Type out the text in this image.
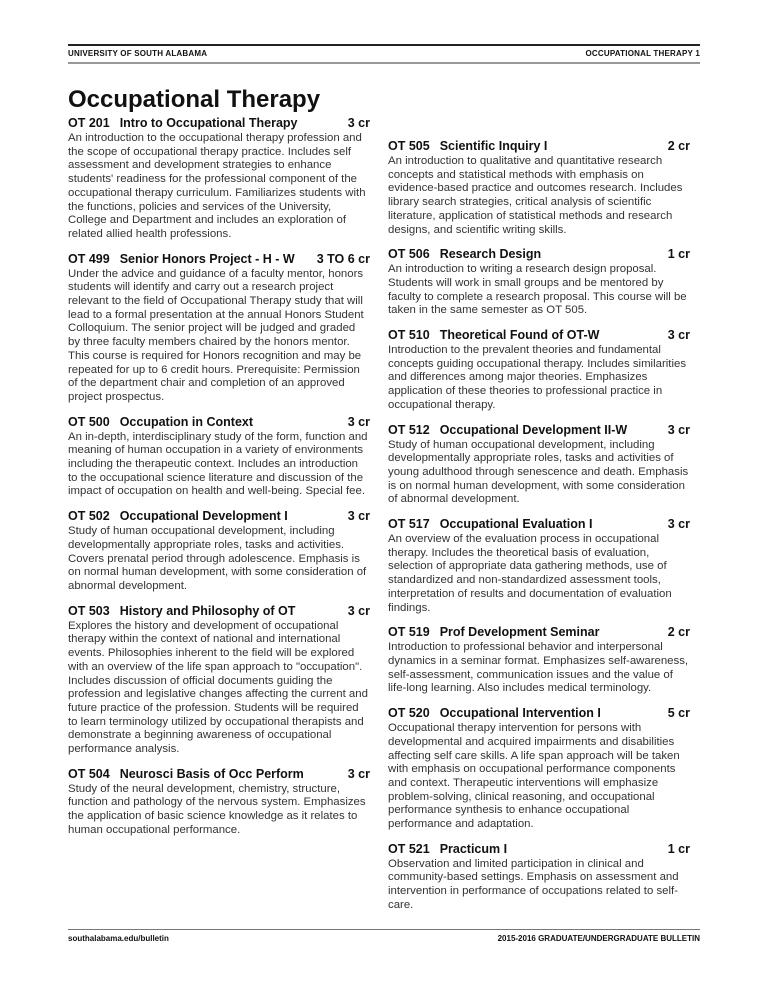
UNIVERSITY OF SOUTH ALABAMA	OCCUPATIONAL THERAPY 1
Occupational Therapy
OT 201 Intro to Occupational Therapy	3 cr
An introduction to the occupational therapy profession and the scope of occupational therapy practice. Includes self assessment and development strategies to enhance students' readiness for the professional component of the occupational therapy curriculum. Familiarizes students with the functions, policies and services of the University, College and Department and includes an exploration of related allied health professions.
OT 499 Senior Honors Project - H - W	3 TO 6 cr
Under the advice and guidance of a faculty mentor, honors students will identify and carry out a research project relevant to the field of Occupational Therapy study that will lead to a formal presentation at the annual Honors Student Colloquium. The senior project will be judged and graded by three faculty members chaired by the honors mentor. This course is required for Honors recognition and may be repeated for up to 6 credit hours. Prerequisite: Permission of the department chair and completion of an approved project prospectus.
OT 500 Occupation in Context	3 cr
An in-depth, interdisciplinary study of the form, function and meaning of human occupation in a variety of environments including the therapeutic context. Includes an introduction to the occupational science literature and discussion of the impact of occupation on health and well-being. Special fee.
OT 502 Occupational Development I	3 cr
Study of human occupational development, including developmentally appropriate roles, tasks and activities. Covers prenatal period through adolescence. Emphasis is on normal human development, with some consideration of abnormal development.
OT 503 History and Philosophy of OT	3 cr
Explores the history and development of occupational therapy within the context of national and international events. Philosophies inherent to the field will be explored with an overview of the life span approach to "occupation". Includes discussion of official documents guiding the profession and legislative changes affecting the current and future practice of the profession. Students will be required to learn terminology utilized by occupational therapists and demonstrate a beginning awareness of occupational performance analysis.
OT 504 Neurosci Basis of Occ Perform	3 cr
Study of the neural development, chemistry, structure, function and pathology of the nervous system. Emphasizes the application of basic science knowledge as it relates to human occupational performance.
OT 505 Scientific Inquiry I	2 cr
An introduction to qualitative and quantitative research concepts and statistical methods with emphasis on evidence-based practice and outcomes research. Includes library search strategies, critical analysis of scientific literature, application of statistical methods and research designs, and scientific writing skills.
OT 506 Research Design	1 cr
An introduction to writing a research design proposal. Students will work in small groups and be mentored by faculty to complete a research proposal. This course will be taken in the same semester as OT 505.
OT 510 Theoretical Found of OT-W	3 cr
Introduction to the prevalent theories and fundamental concepts guiding occupational therapy. Includes similarities and differences among major theories. Emphasizes application of these theories to professional practice in occupational therapy.
OT 512 Occupational Development II-W	3 cr
Study of human occupational development, including developmentally appropriate roles, tasks and activities of young adulthood through senescence and death. Emphasis is on normal human development, with some consideration of abnormal development.
OT 517 Occupational Evaluation I	3 cr
An overview of the evaluation process in occupational therapy. Includes the theoretical basis of evaluation, selection of appropriate data gathering methods, use of standardized and non-standardized assessment tools, interpretation of results and documentation of evaluation findings.
OT 519 Prof Development Seminar	2 cr
Introduction to professional behavior and interpersonal dynamics in a seminar format. Emphasizes self-awareness, self-assessment, communication issues and the value of life-long learning. Also includes medical terminology.
OT 520 Occupational Intervention I	5 cr
Occupational therapy intervention for persons with developmental and acquired impairments and disabilities affecting self care skills. A life span approach will be taken with emphasis on occupational performance components and context. Therapeutic interventions will emphasize problem-solving, clinical reasoning, and occupational performance synthesis to enhance occupational performance and adaptation.
OT 521 Practicum I	1 cr
Observation and limited participation in clinical and community-based settings. Emphasis on assessment and intervention in performance of occupations related to self-care.
southalabama.edu/bulletin	2015-2016 GRADUATE/UNDERGRADUATE BULLETIN
